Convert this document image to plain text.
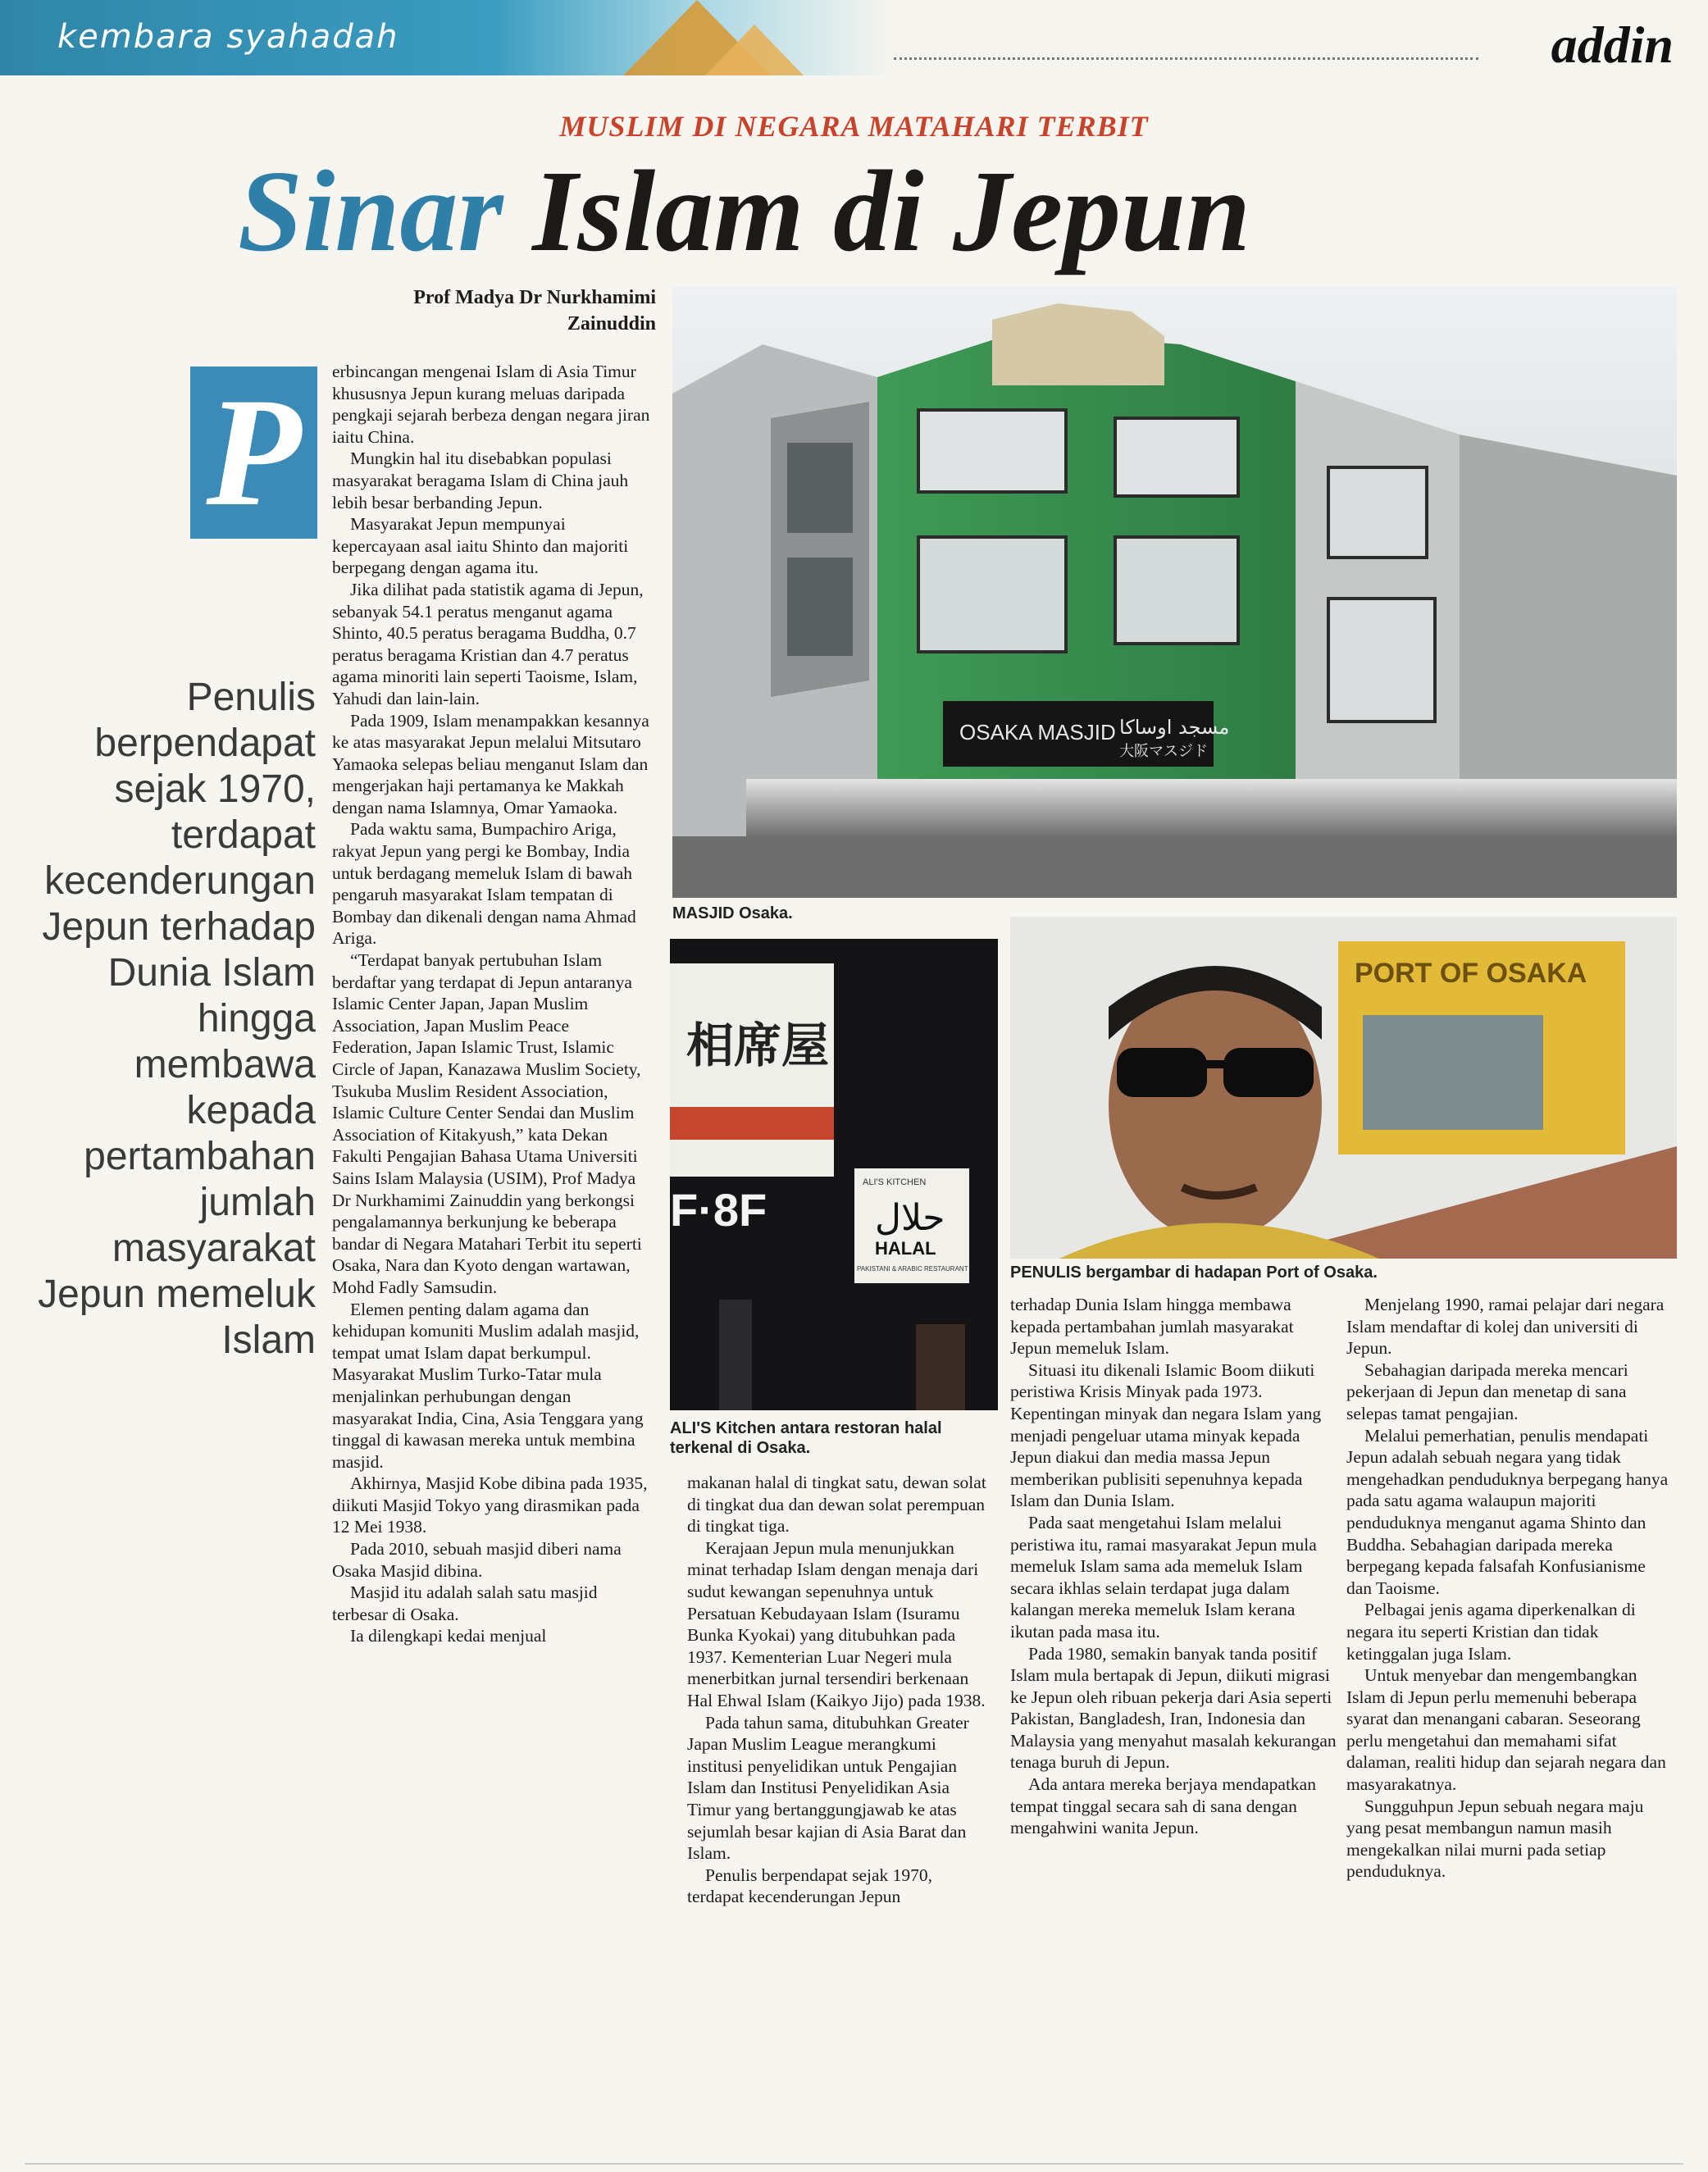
kembara syahadah	addin
MUSLIM DI NEGARA MATAHARI TERBIT
Sinar Islam di Jepun
Prof Madya Dr Nurkhamimi
Zainuddin
P
Penulis berpendapat sejak 1970, terdapat kecenderungan Jepun terhadap Dunia Islam hingga membawa kepada pertambahan jumlah masyarakat Jepun memeluk Islam

erbincangan mengenai Islam di Asia Timur khususnya Jepun kurang meluas daripada pengkaji sejarah berbeza dengan negara jiran iaitu China.

Mungkin hal itu disebabkan populasi masyarakat beragama Islam di China jauh lebih besar berbanding Jepun.

Masyarakat Jepun mempunyai kepercayaan asal iaitu Shinto dan majoriti berpegang dengan agama itu.

Jika dilihat pada statistik agama di Jepun, sebanyak 54.1 peratus menganut agama Shinto, 40.5 peratus beragama Buddha, 0.7 peratus beragama Kristian dan 4.7 peratus agama minoriti lain seperti Taoisme, Islam, Yahudi dan lain-lain.

Pada 1909, Islam menampakkan kesannya ke atas masyarakat Jepun melalui Mitsutaro Yamaoka selepas beliau menganut Islam dan mengerjakan haji pertamanya ke Makkah dengan nama Islamnya, Omar Yamaoka.

Pada waktu sama, Bumpachiro Ariga, rakyat Jepun yang pergi ke Bombay, India untuk berdagang memeluk Islam di bawah pengaruh masyarakat Islam tempatan di Bombay dan dikenali dengan nama Ahmad Ariga.

“Terdapat banyak pertubuhan Islam berdaftar yang terdapat di Jepun antaranya Islamic Center Japan, Japan Muslim Association, Japan Muslim Peace Federation, Japan Islamic Trust, Islamic Circle of Japan, Kanazawa Muslim Society, Tsukuba Muslim Resident Association, Islamic Culture Center Sendai dan Muslim Association of Kitakyush,” kata Dekan Fakulti Pengajian Bahasa Utama Universiti Sains Islam Malaysia (USIM), Prof Madya Dr Nurkhamimi Zainuddin yang berkongsi pengalamannya berkunjung ke beberapa bandar di Negara Matahari Terbit itu seperti Osaka, Nara dan Kyoto dengan wartawan, Mohd Fadly Samsudin.

Elemen penting dalam agama dan kehidupan komuniti Muslim adalah masjid, tempat umat Islam dapat berkumpul. Masyarakat Muslim Turko-Tatar mula menjalinkan perhubungan dengan masyarakat India, Cina, Asia Tenggara yang tinggal di kawasan mereka untuk membina masjid.

Akhirnya, Masjid Kobe dibina pada 1935, diikuti Masjid Tokyo yang dirasmikan pada 12 Mei 1938.

Pada 2010, sebuah masjid diberi nama Osaka Masjid dibina.

Masjid itu adalah salah satu masjid terbesar di Osaka.

Ia dilengkapi kedai menjual

OSAKA MASJID مسجد اوساكا
大阪マスジド
MASJID Osaka.
相席屋
F·8F
ALI'S KITCHEN
حلال
HALAL
PAKISTANI & ARABIC RESTAURANT
ALI'S Kitchen antara restoran halal terkenal di Osaka.
PORT OF OSAKA
PENULIS bergambar di hadapan Port of Osaka.

makanan halal di tingkat satu, dewan solat di tingkat dua dan dewan solat perempuan di tingkat tiga.

Kerajaan Jepun mula menunjukkan minat terhadap Islam dengan menaja dari sudut kewangan sepenuhnya untuk Persatuan Kebudayaan Islam (Isuramu Bunka Kyokai) yang ditubuhkan pada 1937. Kementerian Luar Negeri mula menerbitkan jurnal tersendiri berkenaan Hal Ehwal Islam (Kaikyo Jijo) pada 1938.

Pada tahun sama, ditubuhkan Greater Japan Muslim League merangkumi institusi penyelidikan untuk Pengajian Islam dan Institusi Penyelidikan Asia Timur yang bertanggungjawab ke atas sejumlah besar kajian di Asia Barat dan Islam.

Penulis berpendapat sejak 1970, terdapat kecenderungan Jepun

terhadap Dunia Islam hingga membawa kepada pertambahan jumlah masyarakat Jepun memeluk Islam.

Situasi itu dikenali Islamic Boom diikuti peristiwa Krisis Minyak pada 1973. Kepentingan minyak dan negara Islam yang menjadi pengeluar utama minyak kepada Jepun diakui dan media massa Jepun memberikan publisiti sepenuhnya kepada Islam dan Dunia Islam.

Pada saat mengetahui Islam melalui peristiwa itu, ramai masyarakat Jepun mula memeluk Islam sama ada memeluk Islam secara ikhlas selain terdapat juga dalam kalangan mereka memeluk Islam kerana ikutan pada masa itu.

Pada 1980, semakin banyak tanda positif Islam mula bertapak di Jepun, diikuti migrasi ke Jepun oleh ribuan pekerja dari Asia seperti Pakistan, Bangladesh, Iran, Indonesia dan Malaysia yang menyahut masalah kekurangan tenaga buruh di Jepun.

Ada antara mereka berjaya mendapatkan tempat tinggal secara sah di sana dengan mengahwini wanita Jepun.

Menjelang 1990, ramai pelajar dari negara Islam mendaftar di kolej dan universiti di Jepun.

Sebahagian daripada mereka mencari pekerjaan di Jepun dan menetap di sana selepas tamat pengajian.

Melalui pemerhatian, penulis mendapati Jepun adalah sebuah negara yang tidak mengehadkan penduduknya berpegang hanya pada satu agama walaupun majoriti penduduknya menganut agama Shinto dan Buddha. Sebahagian daripada mereka berpegang kepada falsafah Konfusianisme dan Taoisme.

Pelbagai jenis agama diperkenalkan di negara itu seperti Kristian dan tidak ketinggalan juga Islam.

Untuk menyebar dan mengembangkan Islam di Jepun perlu memenuhi beberapa syarat dan menangani cabaran. Seseorang perlu mengetahui dan memahami sifat dalaman, realiti hidup dan sejarah negara dan masyarakatnya.

Sungguhpun Jepun sebuah negara maju yang pesat membangun namun masih mengekalkan nilai murni pada setiap penduduknya.
